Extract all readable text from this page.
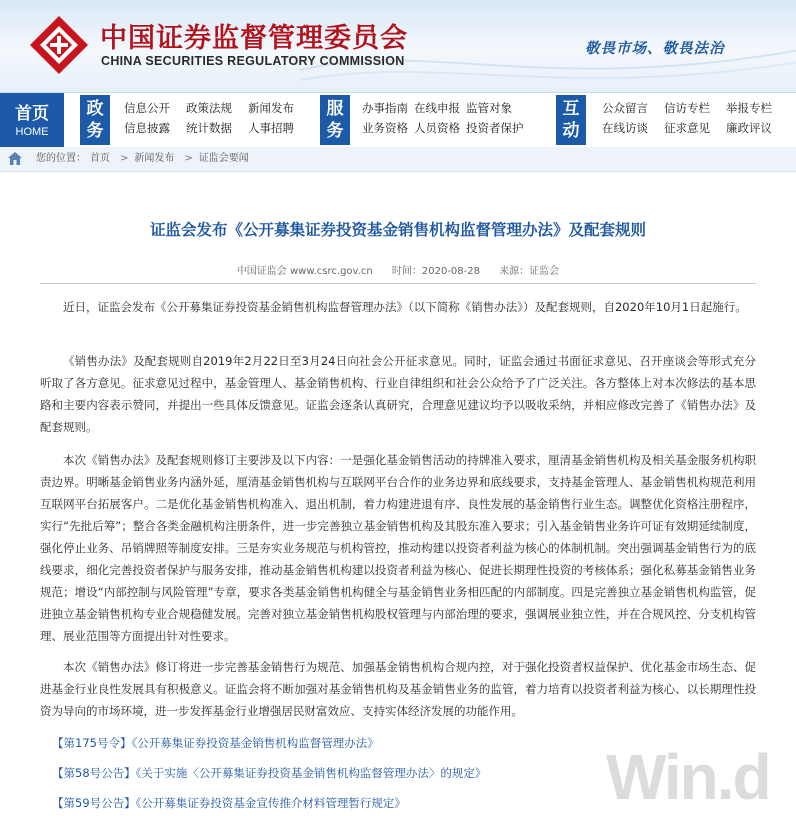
中国证券监督管理委员会
CHINA SECURITIES REGULATORY COMMISSION
敬畏市场、敬畏法治
首页
HOME
政务
信息公开 政策法规 新闻发布
信息披露 统计数据 人事招聘
服务
办事指南 在线申报 监管对象
业务资格 人员资格 投资者保护
互动
公众留言 信访专栏 举报专栏
在线访谈 征求意见 廉政评议
您的位置： 首页 > 新闻发布 > 证监会要闻
证监会发布《公开募集证券投资基金销售机构监督管理办法》及配套规则
中国证监会 www.csrc.gov.cn 时间：2020-08-28 来源：证监会

近日，证监会发布《公开募集证券投资基金销售机构监督管理办法》（以下简称《销售办法》）及配套规则，自2020年10月1日起施行。

《销售办法》及配套规则自2019年2月22日至3月24日向社会公开征求意见。同时，证监会通过书面征求意见、召开座谈会等形式充分听取了各方意见。征求意见过程中，基金管理人、基金销售机构、行业自律组织和社会公众给予了广泛关注。各方整体上对本次修法的基本思路和主要内容表示赞同，并提出一些具体反馈意见。证监会逐条认真研究，合理意见建议均予以吸收采纳，并相应修改完善了《销售办法》及配套规则。

本次《销售办法》及配套规则修订主要涉及以下内容：一是强化基金销售活动的持牌准入要求，厘清基金销售机构及相关基金服务机构职责边界。明晰基金销售业务内涵外延，厘清基金销售机构与互联网平台合作的业务边界和底线要求，支持基金管理人、基金销售机构规范利用互联网平台拓展客户。二是优化基金销售机构准入、退出机制，着力构建进退有序、良性发展的基金销售行业生态。调整优化资格注册程序，实行“先批后筹”；整合各类金融机构注册条件，进一步完善独立基金销售机构及其股东准入要求；引入基金销售业务许可证有效期延续制度，强化停止业务、吊销牌照等制度安排。三是夯实业务规范与机构管控，推动构建以投资者利益为核心的体制机制。突出强调基金销售行为的底线要求，细化完善投资者保护与服务安排，推动基金销售机构建以投资者利益为核心、促进长期理性投资的考核体系；强化私募基金销售业务规范；增设“内部控制与风险管理”专章，要求各类基金销售机构健全与基金销售业务相匹配的内部制度。四是完善独立基金销售机构监管，促进独立基金销售机构专业合规稳健发展。完善对独立基金销售机构股权管理与内部治理的要求，强调展业独立性，并在合规风控、分支机构管理、展业范围等方面提出针对性要求。

本次《销售办法》修订将进一步完善基金销售行为规范、加强基金销售机构合规内控，对于强化投资者权益保护、优化基金市场生态、促进基金行业良性发展具有积极意义。证监会将不断加强对基金销售机构及基金销售业务的监管，着力培育以投资者利益为核心、以长期理性投资为导向的市场环境，进一步发挥基金行业增强居民财富效应、支持实体经济发展的功能作用。

【第175号令】《公开募集证券投资基金销售机构监督管理办法》
【第58号公告】《关于实施〈公开募集证券投资基金销售机构监督管理办法〉的规定》
【第59号公告】《公开募集证券投资基金宣传推介材料管理暂行规定》	Win.d
